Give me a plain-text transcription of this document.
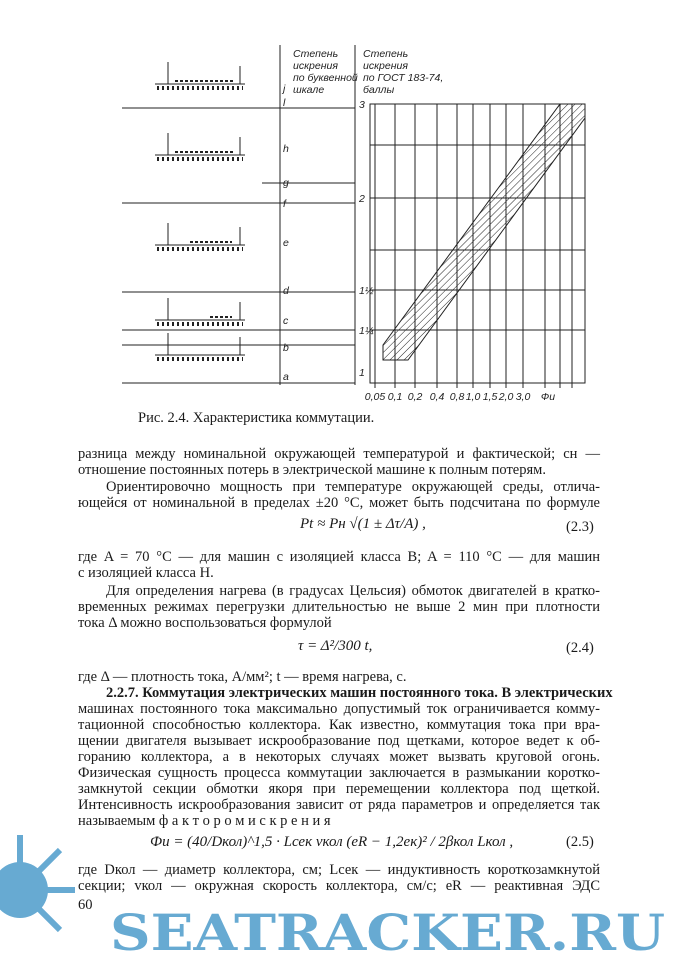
Степень
искрения
по буквенной
шкале
Степень
искрения
по ГОСТ 183-74,
баллы
j
l
h
g
f
e
d
c
b
a
3
2
1½
1¼
1
0,05 0,1 0,2 0,4 0,8 1,0 1,5 2,0 3,0 Фи
Рис. 2.4. Характеристика коммутации.
разница между номинальной окружающей температурой и фактической; cн —
отношение постоянных потерь в электрической машине к полным потерям.
Ориентировочно мощность при температуре окружающей среды, отлича-
ющейся от номинальной в пределах ±20 °C, может быть подсчитана по формуле
Pt ≈ Pн √(1 ± Δτ/A) ,	(2.3)
где A = 70 °C — для машин с изоляцией класса B; A = 110 °C — для машин
с изоляцией класса H.
Для определения нагрева (в градусах Цельсия) обмоток двигателей в кратко-
временных режимах перегрузки длительностью не выше 2 мин при плотности
тока Δ можно воспользоваться формулой
τ = Δ²/300 t,	(2.4)
где Δ — плотность тока, А/мм²; t — время нагрева, с.
2.2.7. Коммутация электрических машин постоянного тока. В электрических
машинах постоянного тока максимально допустимый ток ограничивается комму-
тационной способностью коллектора. Как известно, коммутация тока при вра-
щении двигателя вызывает искрообразование под щетками, которое ведет к об-
горанию коллектора, а в некоторых случаях может вызвать круговой огонь.
Физическая сущность процесса коммутации заключается в размыкании коротко-
замкнутой секции обмотки якоря при перемещении коллектора под щеткой.
Интенсивность искрообразования зависит от ряда параметров и определяется так
называемым ф а к т о р о м и с к р е н и я
Фи = (40/Dкол)^1,5 · Lсек vкол (eR − 1,2eк)² / 2βкол Lкол ,	(2.5)
где Dкол — диаметр коллектора, см; Lсек — индуктивность короткозамкнутой
секции; vкол — окружная скорость коллектора, см/с; eR — реактивная ЭДС
60 SEATRACKER.RU
